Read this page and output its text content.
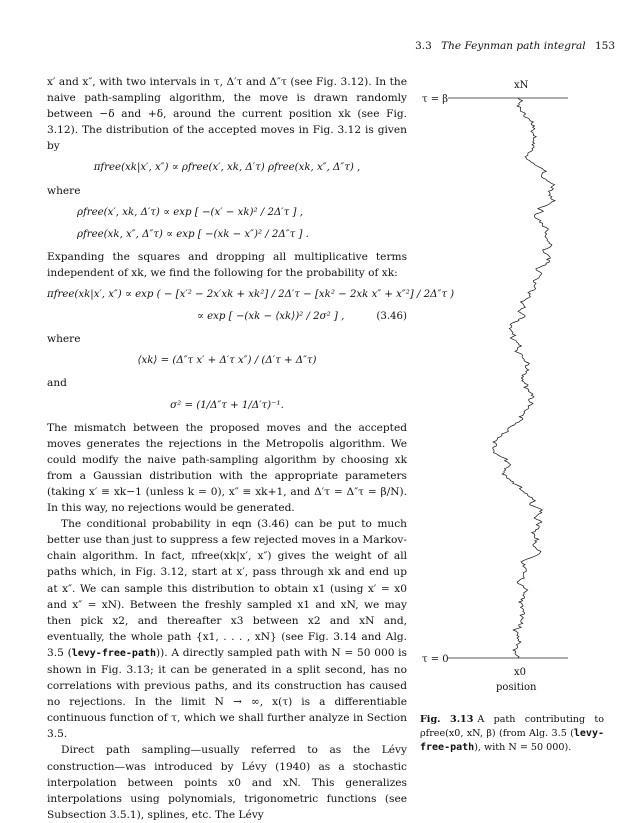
3.3 The Feynman path integral 153

x′ and x″, with two intervals in τ, Δ′τ and Δ″τ (see Fig. 3.12). In the naive path-sampling algorithm, the move is drawn randomly between −δ and +δ, around the current position xk (see Fig. 3.12). The distribution of the accepted moves in Fig. 3.12 is given by

πfree(xk|x′, x″) ∝ ρfree(x′, xk, Δ′τ) ρfree(xk, x″, Δ″τ) ,

where

ρfree(x′, xk, Δ′τ) ∝ exp [ −(x′ − xk)² / 2Δ′τ ] ,
ρfree(xk, x″, Δ″τ) ∝ exp [ −(xk − x″)² / 2Δ″τ ] .

Expanding the squares and dropping all multiplicative terms independent of xk, we find the following for the probability of xk:

πfree(xk|x′, x″) ∝ exp ( − [x′² − 2x′xk + xk²] / 2Δ′τ − [xk² − 2xk x″ + x″²] / 2Δ″τ )
∝ exp [ −(xk − ⟨xk⟩)² / 2σ² ] ,	(3.46)

where

⟨xk⟩ = (Δ″τ x′ + Δ′τ x″) / (Δ′τ + Δ″τ)

and

σ² = (1/Δ″τ + 1/Δ′τ)⁻¹.

The mismatch between the proposed moves and the accepted moves generates the rejections in the Metropolis algorithm. We could modify the naive path-sampling algorithm by choosing xk from a Gaussian distribution with the appropriate parameters (taking x′ ≡ xk−1 (unless k = 0), x″ ≡ xk+1, and Δ′τ = Δ″τ = β/N). In this way, no rejections would be generated.

The conditional probability in eqn (3.46) can be put to much better use than just to suppress a few rejected moves in a Markov-chain algorithm. In fact, πfree(xk|x′, x″) gives the weight of all paths which, in Fig. 3.12, start at x′, pass through xk and end up at x″. We can sample this distribution to obtain x1 (using x′ = x0 and x″ = xN). Between the freshly sampled x1 and xN, we may then pick x2, and thereafter x3 between x2 and xN and, eventually, the whole path {x1, . . . , xN} (see Fig. 3.14 and Alg. 3.5 (levy-free-path)). A directly sampled path with N = 50 000 is shown in Fig. 3.13; it can be generated in a split second, has no correlations with previous paths, and its construction has caused no rejections. In the limit N → ∞, x(τ) is a differentiable continuous function of τ, which we shall further analyze in Section 3.5.

Direct path sampling—usually referred to as the Lévy construction—was introduced by Lévy (1940) as a stochastic interpolation between points x0 and xN. This generalizes interpolations using polynomials, trigonometric functions (see Subsection 3.5.1), splines, etc. The Lévy

τ = β
τ = 0
xN
x0
position
Fig. 3.13 A path contributing to ρfree(x0, xN, β) (from Alg. 3.5 (levy-free-path), with N = 50 000).
